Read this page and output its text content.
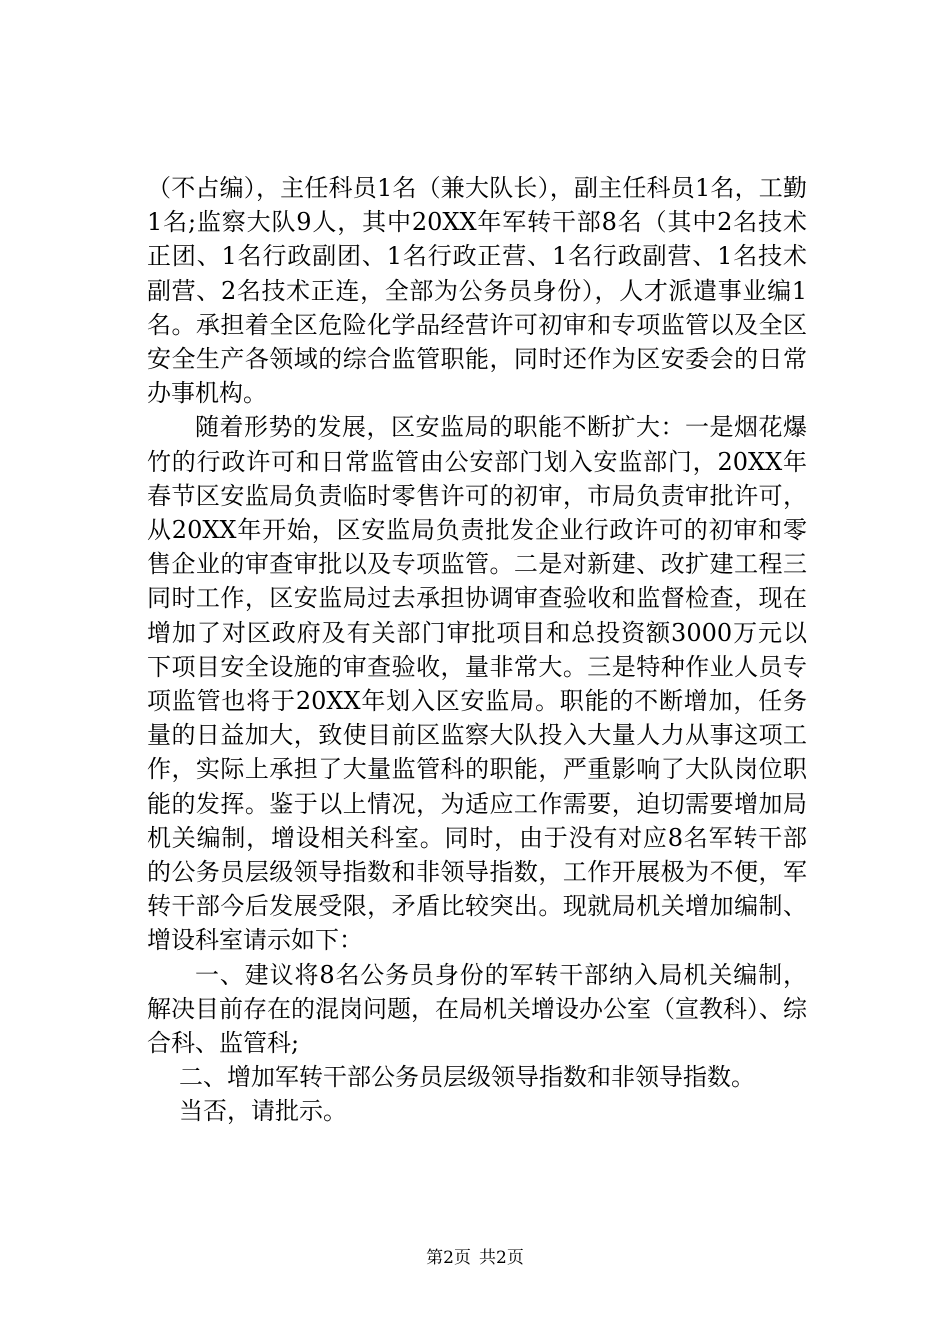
（不占编），主任科员1名（兼大队长），副主任科员1名，工勤1名;监察大队9人，其中20XX年军转干部8名（其中2名技术正团、1名行政副团、1名行政正营、1名行政副营、1名技术副营、2名技术正连，全部为公务员身份），人才派遣事业编1名。承担着全区危险化学品经营许可初审和专项监管以及全区安全生产各领域的综合监管职能，同时还作为区安委会的日常办事机构。

随着形势的发展，区安监局的职能不断扩大：一是烟花爆竹的行政许可和日常监管由公安部门划入安监部门，20XX年春节区安监局负责临时零售许可的初审，市局负责审批许可，从20XX年开始，区安监局负责批发企业行政许可的初审和零售企业的审查审批以及专项监管。二是对新建、改扩建工程三同时工作，区安监局过去承担协调审查验收和监督检查，现在增加了对区政府及有关部门审批项目和总投资额3000万元以下项目安全设施的审查验收，量非常大。三是特种作业人员专项监管也将于20XX年划入区安监局。职能的不断增加，任务量的日益加大，致使目前区监察大队投入大量人力从事这项工作，实际上承担了大量监管科的职能，严重影响了大队岗位职能的发挥。鉴于以上情况，为适应工作需要，迫切需要增加局机关编制，增设相关科室。同时，由于没有对应8名军转干部的公务员层级领导指数和非领导指数，工作开展极为不便，军转干部今后发展受限，矛盾比较突出。现就局机关增加编制、增设科室请示如下：

一、建议将8名公务员身份的军转干部纳入局机关编制，解决目前存在的混岗问题，在局机关增设办公室（宣教科）、综合科、监管科;

二、增加军转干部公务员层级领导指数和非领导指数。

当否，请批示。

第2页 共2页
